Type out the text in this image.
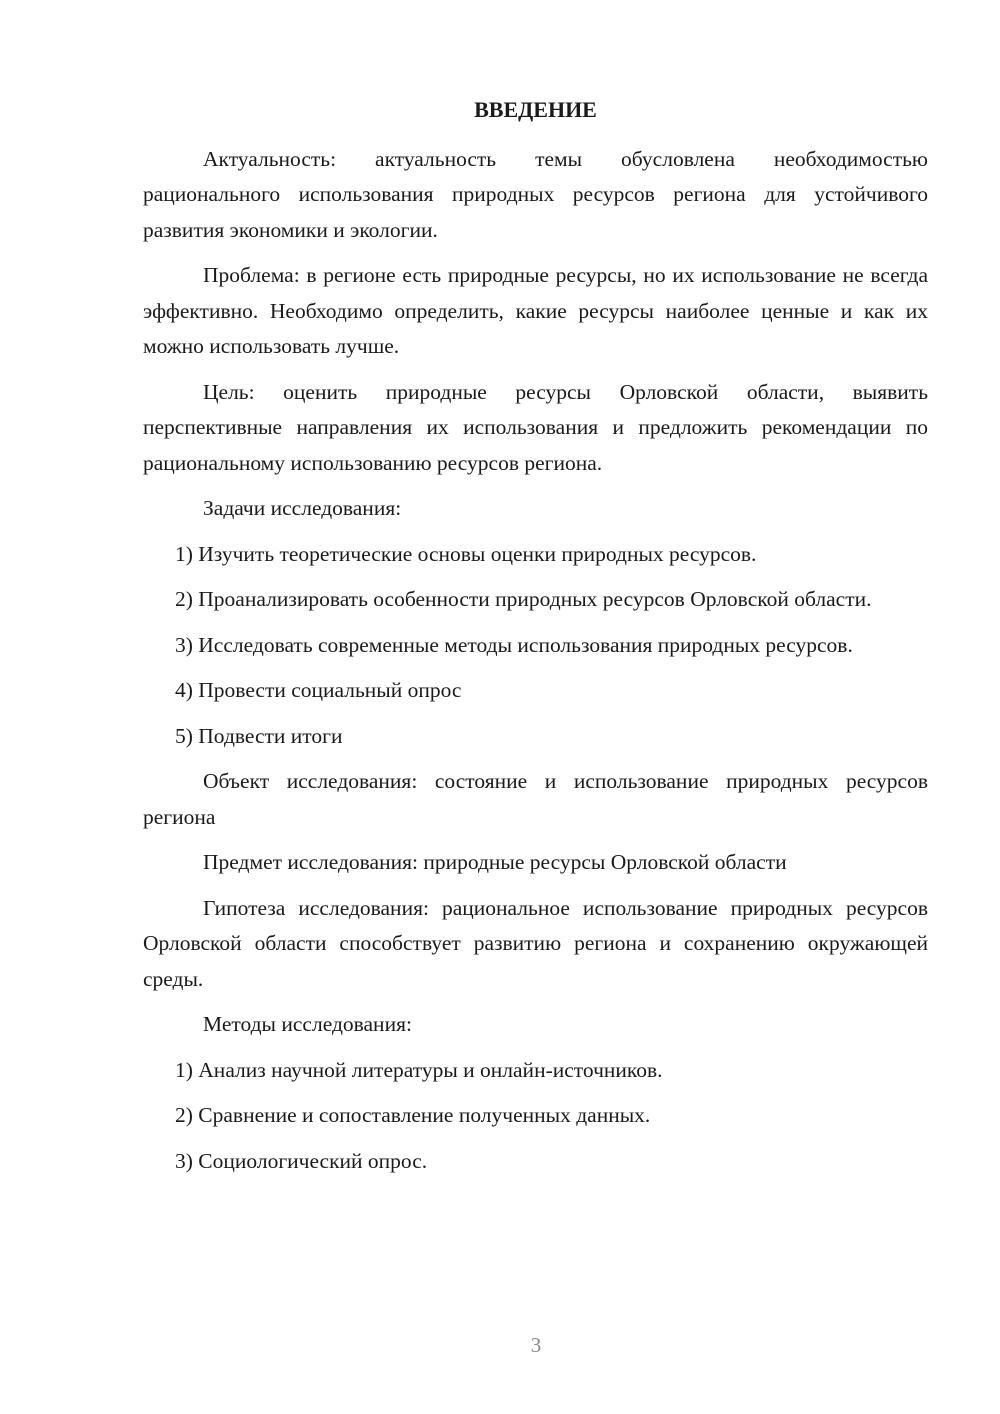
ВВЕДЕНИЕ

Актуальность: актуальность темы обусловлена необходимостью рационального использования природных ресурсов региона для устойчивого развития экономики и экологии.

Проблема: в регионе есть природные ресурсы, но их использование не всегда эффективно. Необходимо определить, какие ресурсы наиболее ценные и как их можно использовать лучше.

Цель: оценить природные ресурсы Орловской области, выявить перспективные направления их использования и предложить рекомендации по рациональному использованию ресурсов региона.

Задачи исследования:

1) Изучить теоретические основы оценки природных ресурсов.

2) Проанализировать особенности природных ресурсов Орловской области.

3) Исследовать современные методы использования природных ресурсов.

4) Провести социальный опрос

5) Подвести итоги

Объект исследования: состояние и использование природных ресурсов региона

Предмет исследования: природные ресурсы Орловской области

Гипотеза исследования: рациональное использование природных ресурсов Орловской области способствует развитию региона и сохранению окружающей среды.

Методы исследования:

1) Анализ научной литературы и онлайн-источников.

2) Сравнение и сопоставление полученных данных.

3) Социологический опрос.

3
